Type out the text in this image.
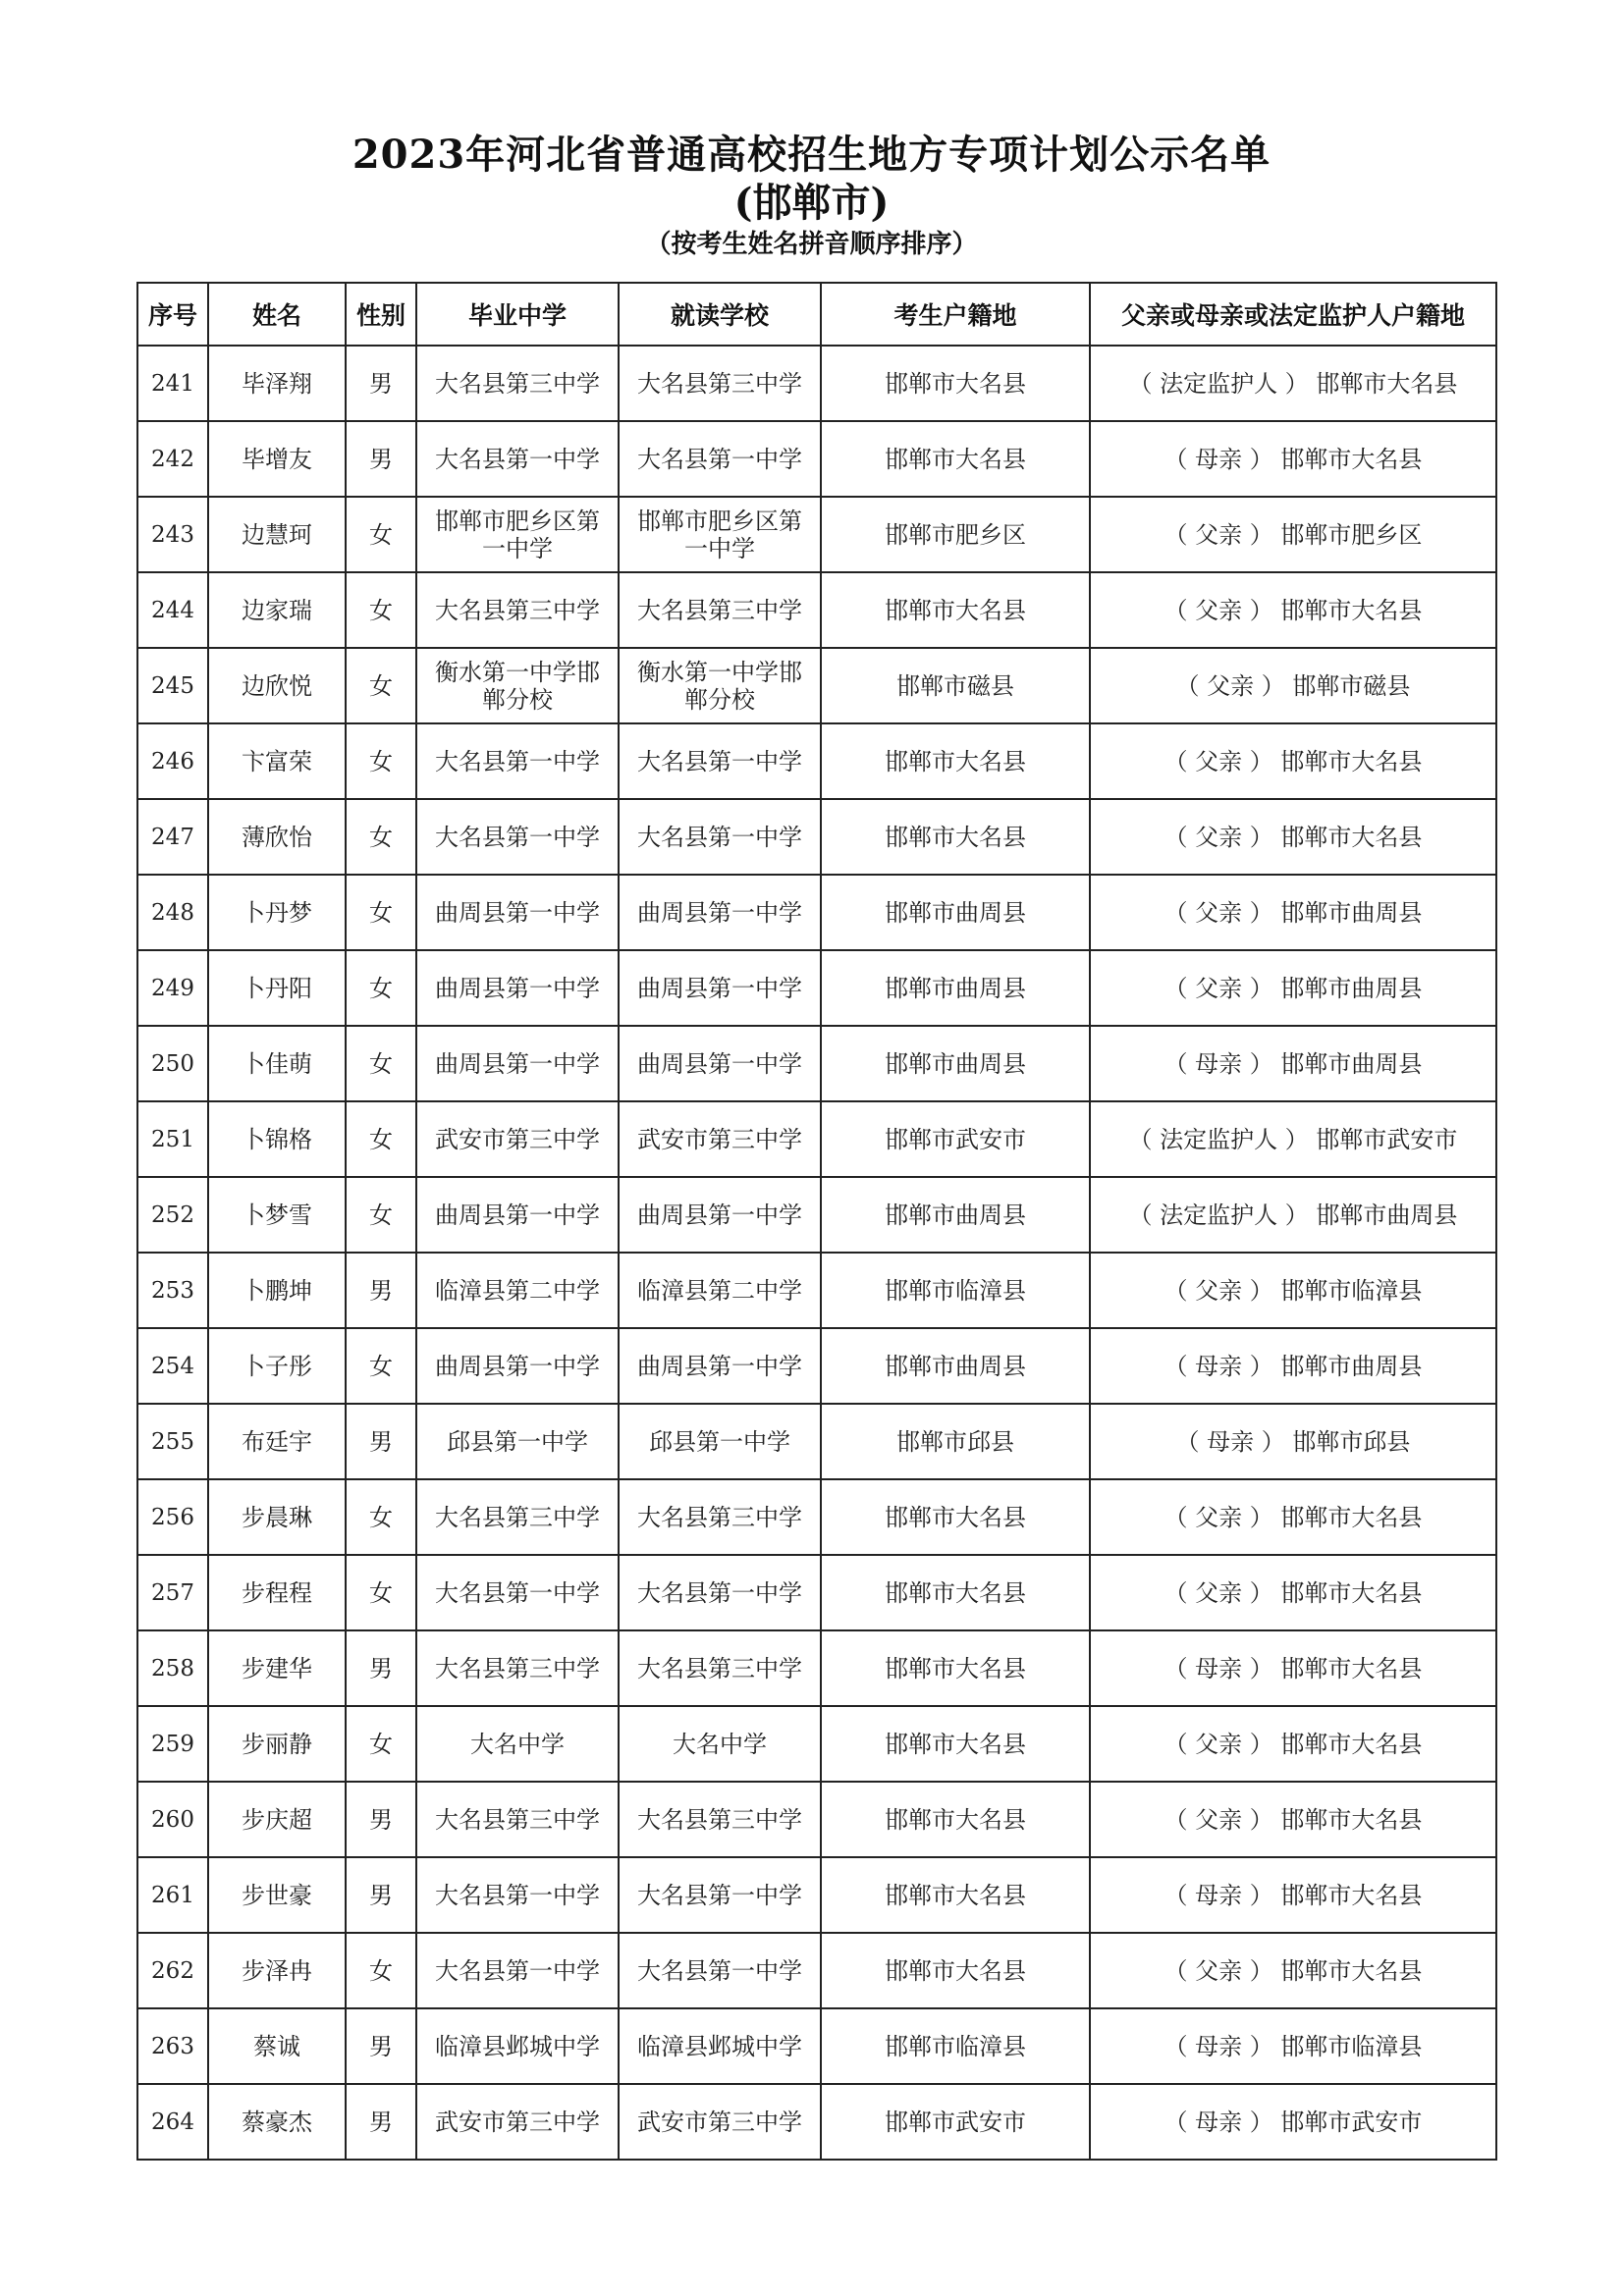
2023年河北省普通高校招生地方专项计划公示名单
(邯郸市)
（按考生姓名拼音顺序排序）
序号	姓名	性别	毕业中学	就读学校	考生户籍地	父亲或母亲或法定监护人户籍地
241	毕泽翔	男	大名县第三中学	大名县第三中学	邯郸市大名县	（ 法定监护人 ） 邯郸市大名县
242	毕增友	男	大名县第一中学	大名县第一中学	邯郸市大名县	（ 母亲 ） 邯郸市大名县
243	边慧珂	女	邯郸市肥乡区第一中学	邯郸市肥乡区第一中学	邯郸市肥乡区	（ 父亲 ） 邯郸市肥乡区
244	边家瑞	女	大名县第三中学	大名县第三中学	邯郸市大名县	（ 父亲 ） 邯郸市大名县
245	边欣悦	女	衡水第一中学邯郸分校	衡水第一中学邯郸分校	邯郸市磁县	（ 父亲 ） 邯郸市磁县
246	卞富荣	女	大名县第一中学	大名县第一中学	邯郸市大名县	（ 父亲 ） 邯郸市大名县
247	薄欣怡	女	大名县第一中学	大名县第一中学	邯郸市大名县	（ 父亲 ） 邯郸市大名县
248	卜丹梦	女	曲周县第一中学	曲周县第一中学	邯郸市曲周县	（ 父亲 ） 邯郸市曲周县
249	卜丹阳	女	曲周县第一中学	曲周县第一中学	邯郸市曲周县	（ 父亲 ） 邯郸市曲周县
250	卜佳萌	女	曲周县第一中学	曲周县第一中学	邯郸市曲周县	（ 母亲 ） 邯郸市曲周县
251	卜锦格	女	武安市第三中学	武安市第三中学	邯郸市武安市	（ 法定监护人 ） 邯郸市武安市
252	卜梦雪	女	曲周县第一中学	曲周县第一中学	邯郸市曲周县	（ 法定监护人 ） 邯郸市曲周县
253	卜鹏坤	男	临漳县第二中学	临漳县第二中学	邯郸市临漳县	（ 父亲 ） 邯郸市临漳县
254	卜子彤	女	曲周县第一中学	曲周县第一中学	邯郸市曲周县	（ 母亲 ） 邯郸市曲周县
255	布廷宇	男	邱县第一中学	邱县第一中学	邯郸市邱县	（ 母亲 ） 邯郸市邱县
256	步晨琳	女	大名县第三中学	大名县第三中学	邯郸市大名县	（ 父亲 ） 邯郸市大名县
257	步程程	女	大名县第一中学	大名县第一中学	邯郸市大名县	（ 父亲 ） 邯郸市大名县
258	步建华	男	大名县第三中学	大名县第三中学	邯郸市大名县	（ 母亲 ） 邯郸市大名县
259	步丽静	女	大名中学	大名中学	邯郸市大名县	（ 父亲 ） 邯郸市大名县
260	步庆超	男	大名县第三中学	大名县第三中学	邯郸市大名县	（ 父亲 ） 邯郸市大名县
261	步世豪	男	大名县第一中学	大名县第一中学	邯郸市大名县	（ 母亲 ） 邯郸市大名县
262	步泽冉	女	大名县第一中学	大名县第一中学	邯郸市大名县	（ 父亲 ） 邯郸市大名县
263	蔡诚	男	临漳县邺城中学	临漳县邺城中学	邯郸市临漳县	（ 母亲 ） 邯郸市临漳县
264	蔡豪杰	男	武安市第三中学	武安市第三中学	邯郸市武安市	（ 母亲 ） 邯郸市武安市
